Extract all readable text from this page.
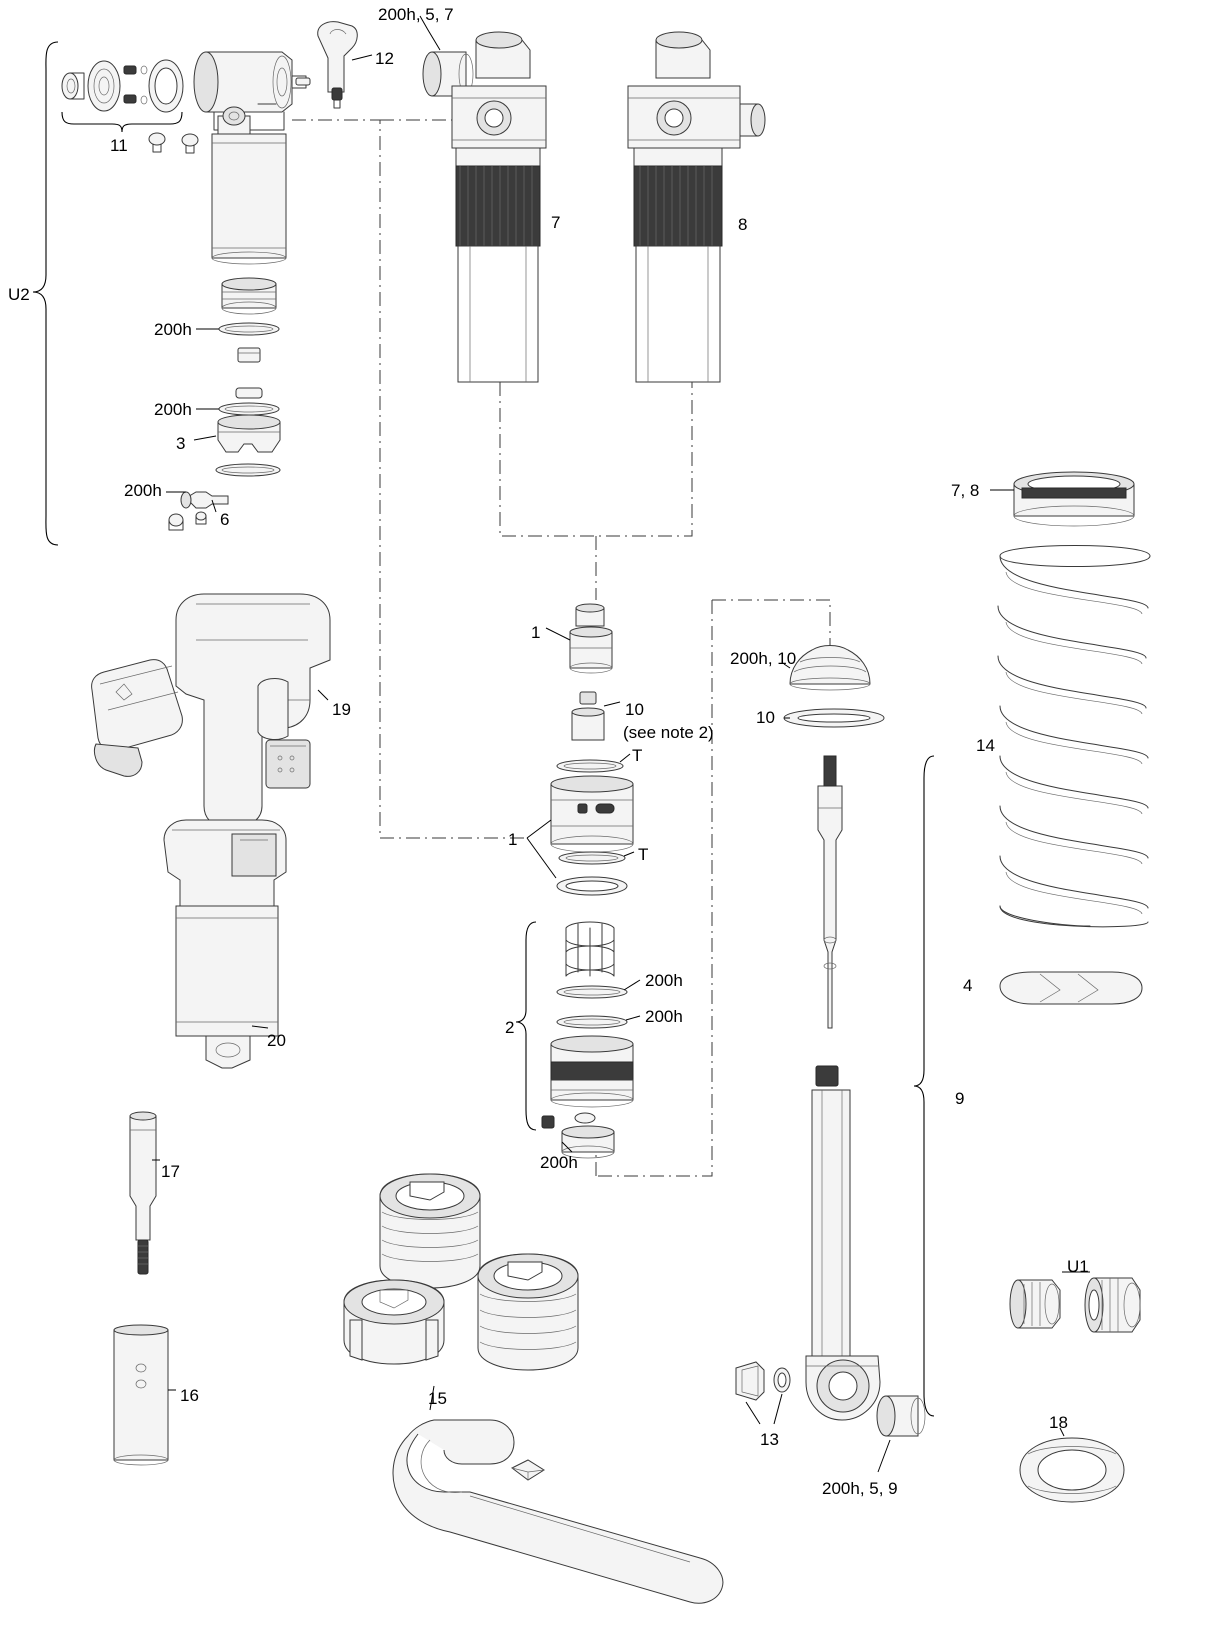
200h, 5, 7
12
11
U2
7	8
200h
200h
3
200h
6
7, 8
1
200h, 10
10
10
(see note 2)
T
T
1
19
14
20
200h
200h
2
200h
9
4
17
16	15
13
200h, 5, 9
U1
18
